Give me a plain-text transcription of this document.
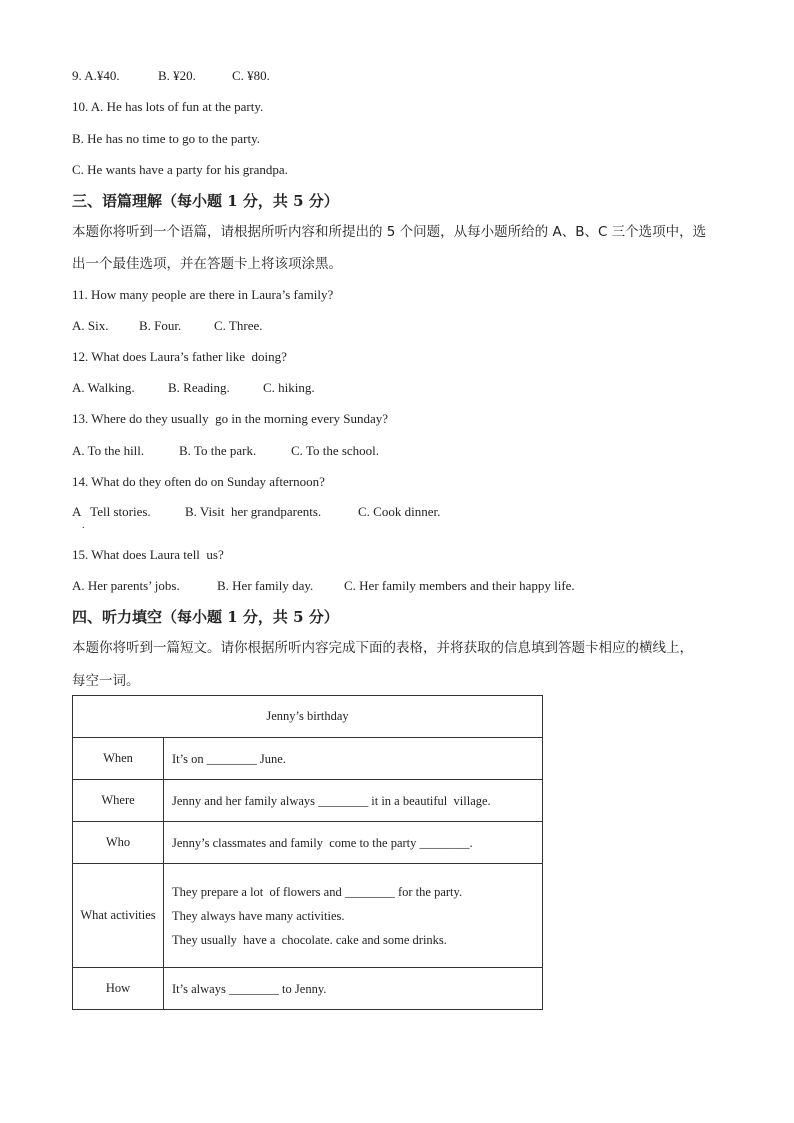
9. A.¥40.	B. ¥20.	C. ¥80.
10. A. He has lots of fun at the party.
B. He has no time to go to the party.
C. He wants have a party for his grandpa.
三、语篇理解（每小题 1 分，共 5 分）
本题你将听到一个语篇，请根据所听内容和所提出的 5 个问题，从每小题所给的 A、B、C 三个选项中，选
出一个最佳选项，并在答题卡上将该项涂黑。
11. How many people are there in Laura’s family?
A. Six. B. Four.	C. Three.
12. What does Laura’s father like  doing?
A. Walking.	B. Reading.	C. hiking.
13. Where do they usually  go in the morning every Sunday?
A. To the hill.	B. To the park.	C. To the school.
14. What do they often do on Sunday afternoon?
A   Tell stories.	B. Visit  her grandparents.	C. Cook dinner.
.
15. What does Laura tell  us?
A. Her parents’ jobs.	B. Her family day. C. Her family members and their happy life.
四、听力填空（每小题 1 分，共 5 分）
本题你将听到一篇短文。请你根据所听内容完成下面的表格，并将获取的信息填到答题卡相应的横线上，
每空一词。
Jenny’s birthday	
When	It’s on ________ June.

Where	Jenny and her family always ________ it in a beautiful  village.

Who	Jenny’s classmates and family  come to the party ________.

What activities	They prepare a lot  of flowers and ________ for the party.
They always have many activities.
They usually  have a  chocolate. cake and some drinks.

How	It’s always ________ to Jenny.
